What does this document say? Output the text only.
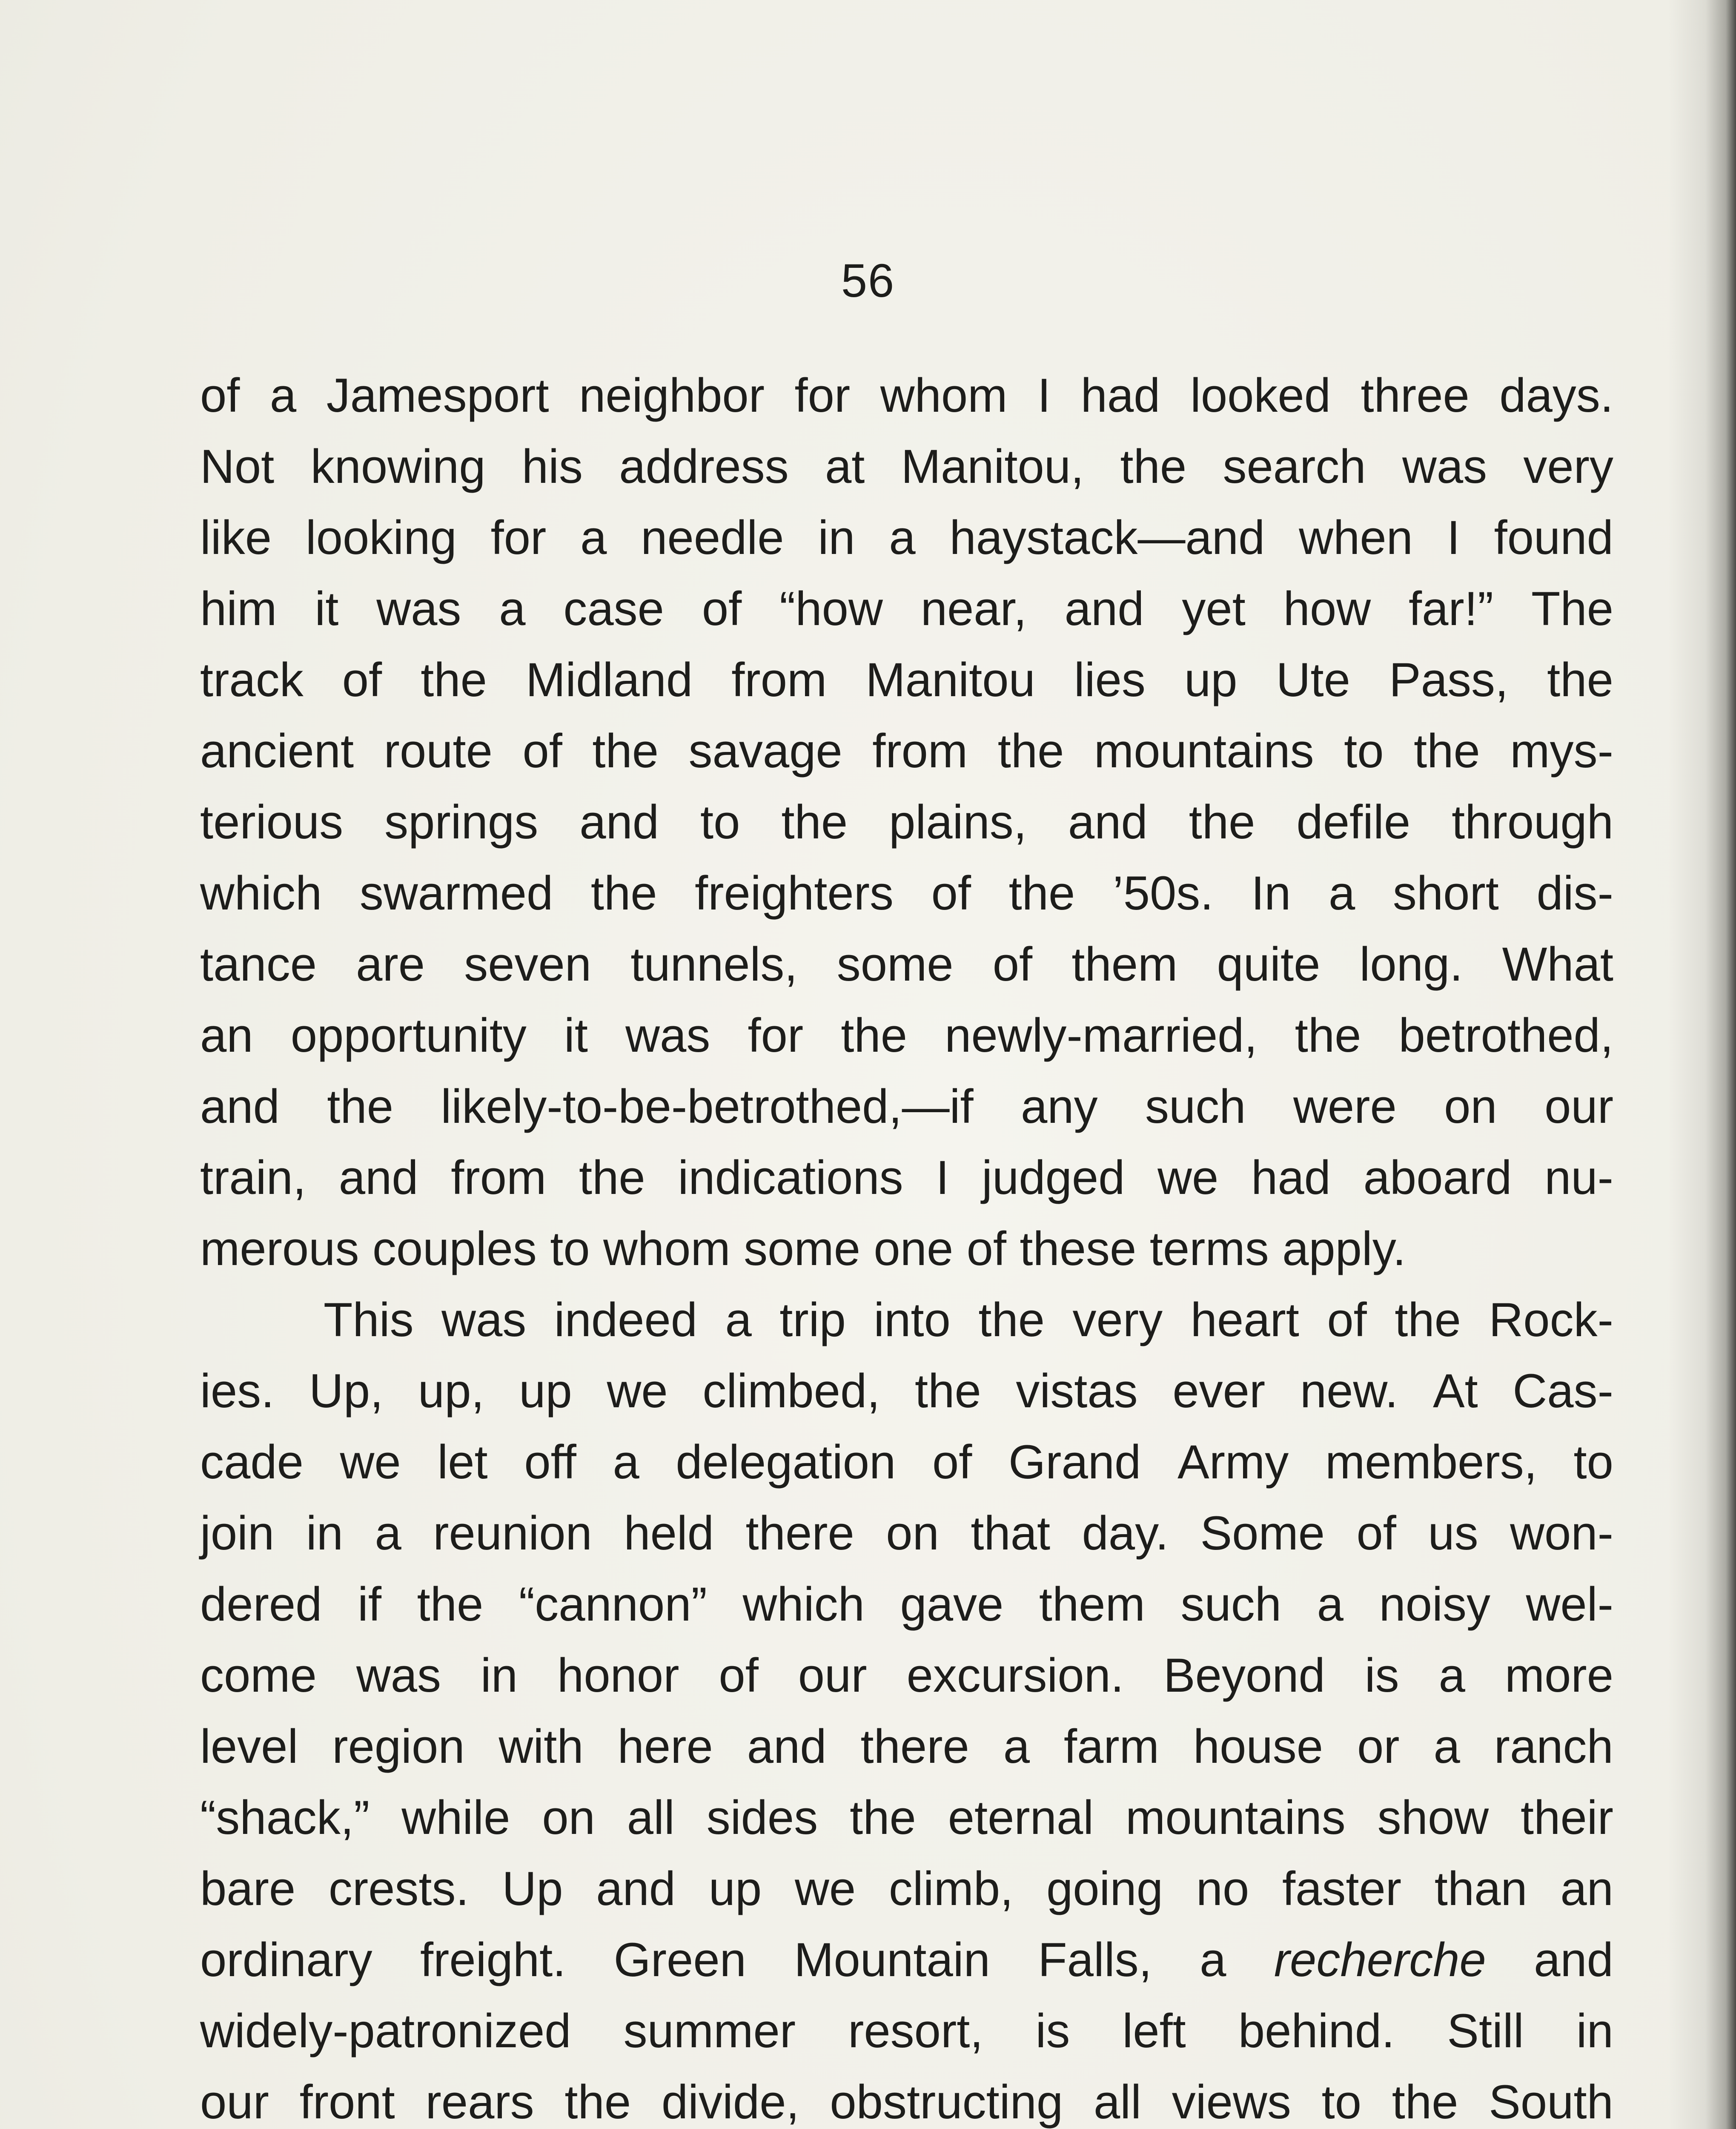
56
of a Jamesport neighbor for whom I had looked three days.
Not knowing his address at Manitou, the search was very
like looking for a needle in a haystack—and when I found
him it was a case of “how near, and yet how far!” The
track of the Midland from Manitou lies up Ute Pass, the
ancient route of the savage from the mountains to the mys-
terious springs and to the plains, and the defile through
which swarmed the freighters of the ’50s. In a short dis-
tance are seven tunnels, some of them quite long. What
an opportunity it was for the newly-married, the betrothed,
and the likely-to-be-betrothed,—if any such were on our
train, and from the indications I judged we had aboard nu-
merous couples to whom some one of these terms apply.
This was indeed a trip into the very heart of the Rock-
ies. Up, up, up we climbed, the vistas ever new. At Cas-
cade we let off a delegation of Grand Army members, to
join in a reunion held there on that day. Some of us won-
dered if the “cannon” which gave them such a noisy wel-
come was in honor of our excursion. Beyond is a more
level region with here and there a farm house or a ranch
“shack,” while on all sides the eternal mountains show their
bare crests. Up and up we climb, going no faster than an
ordinary freight. Green Mountain Falls, a recherche and
widely-patronized summer resort, is left behind. Still in
our front rears the divide, obstructing all views to the South
